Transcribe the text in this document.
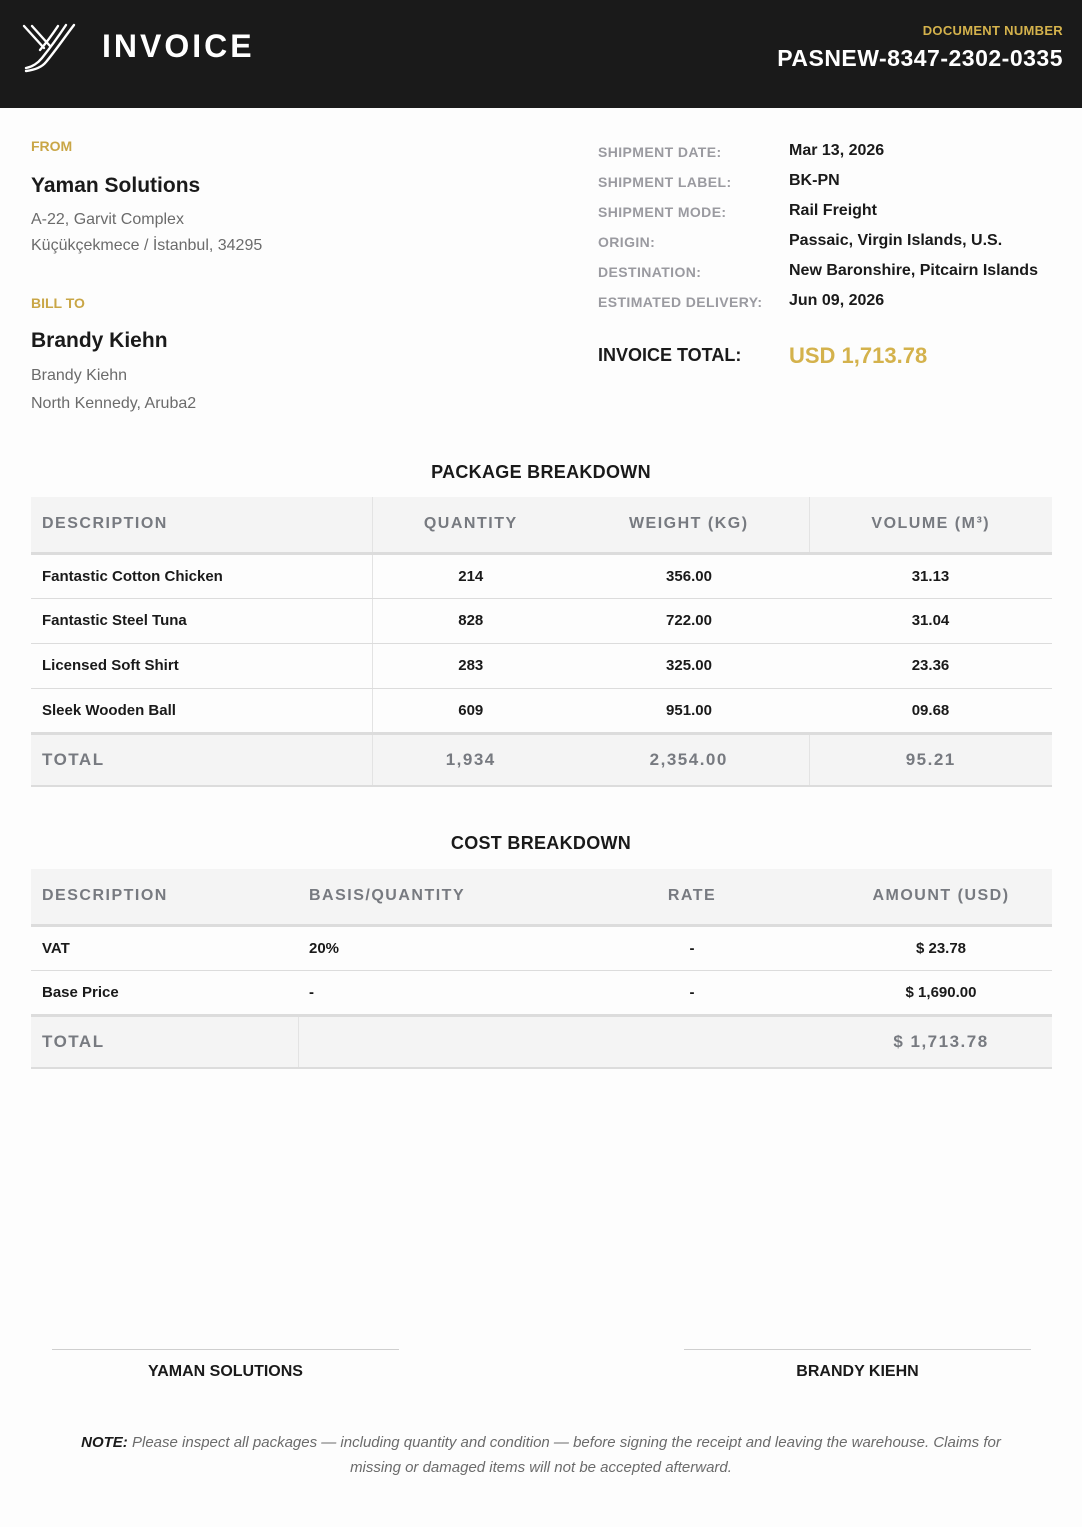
INVOICE	DOCUMENT NUMBER
PASNEW-8347-2302-0335
FROM
Yaman Solutions
A-22, Garvit Complex
Küçükçekmece / İstanbul, 34295
BILL TO
Brandy Kiehn
Brandy Kiehn
North Kennedy, Aruba2
SHIPMENT DATE:	Mar 13, 2026
SHIPMENT LABEL:	BK-PN
SHIPMENT MODE:	Rail Freight
ORIGIN:	Passaic, Virgin Islands, U.S.
DESTINATION:	New Baronshire, Pitcairn Islands
ESTIMATED DELIVERY: Jun 09, 2026
INVOICE TOTAL: USD 1,713.78
PACKAGE BREAKDOWN
DESCRIPTION	QUANTITY	WEIGHT (KG)	VOLUME (M³)
Fantastic Cotton Chicken	214	356.00	31.13
Fantastic Steel Tuna	828	722.00	31.04
Licensed Soft Shirt	283	325.00	23.36
Sleek Wooden Ball	609	951.00	09.68
TOTAL	1,934	2,354.00	95.21
COST BREAKDOWN
DESCRIPTION	BASIS/QUANTITY	RATE	AMOUNT (USD)
VAT	20%	-	$ 23.78
Base Price	-	-	$ 1,690.00
TOTAL			$ 1,713.78
YAMAN SOLUTIONS	BRANDY KIEHN
NOTE: Please inspect all packages — including quantity and condition — before signing the receipt and leaving the warehouse. Claims for missing or damaged items will not be accepted afterward.
